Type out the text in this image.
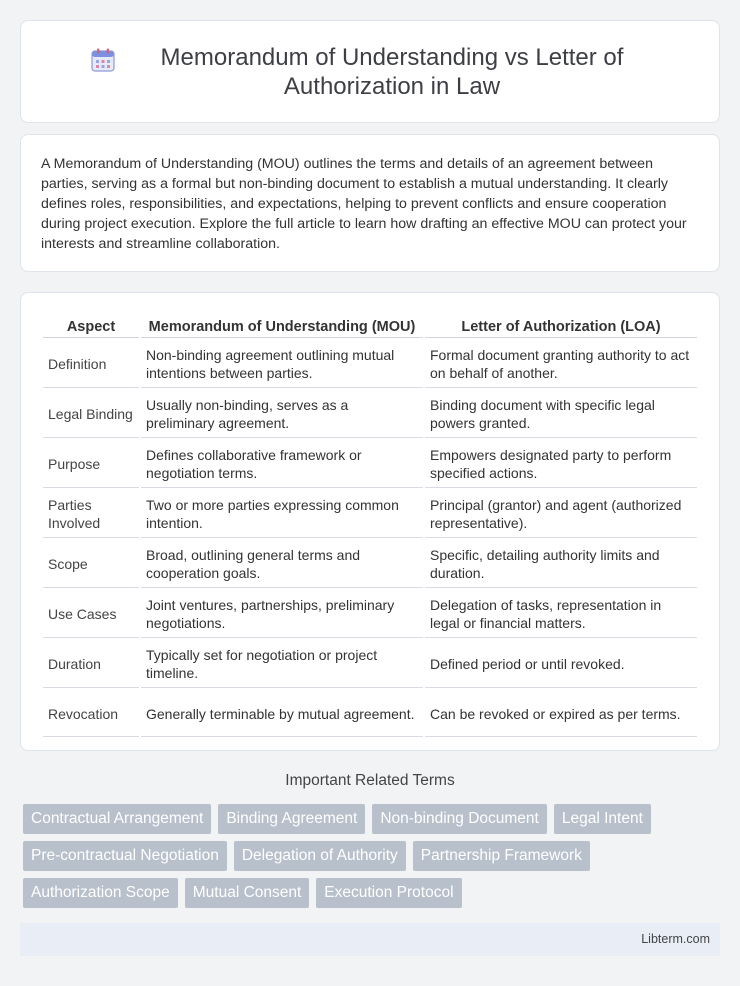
Memorandum of Understanding vs Letter of Authorization in Law

A Memorandum of Understanding (MOU) outlines the terms and details of an agreement between parties, serving as a formal but non-binding document to establish a mutual understanding. It clearly defines roles, responsibilities, and expectations, helping to prevent conflicts and ensure cooperation during project execution. Explore the full article to learn how drafting an effective MOU can protect your interests and streamline collaboration.

Aspect	Memorandum of Understanding (MOU)	Letter of Authorization (LOA)
Definition	Non-binding agreement outlining mutual intentions between parties.	Formal document granting authority to act on behalf of another.
Legal Binding	Usually non-binding, serves as a preliminary agreement.	Binding document with specific legal powers granted.
Purpose	Defines collaborative framework or negotiation terms.	Empowers designated party to perform specified actions.
Parties Involved	Two or more parties expressing common intention.	Principal (grantor) and agent (authorized representative).
Scope	Broad, outlining general terms and cooperation goals.	Specific, detailing authority limits and duration.
Use Cases	Joint ventures, partnerships, preliminary negotiations.	Delegation of tasks, representation in legal or financial matters.
Duration	Typically set for negotiation or project timeline.	Defined period or until revoked.
Revocation	Generally terminable by mutual agreement.	Can be revoked or expired as per terms.
Important Related Terms
Contractual Arrangement	Binding Agreement	Non-binding Document	Legal Intent
Pre-contractual Negotiation	Delegation of Authority	Partnership Framework
Authorization Scope	Mutual Consent	Execution Protocol
Libterm.com
